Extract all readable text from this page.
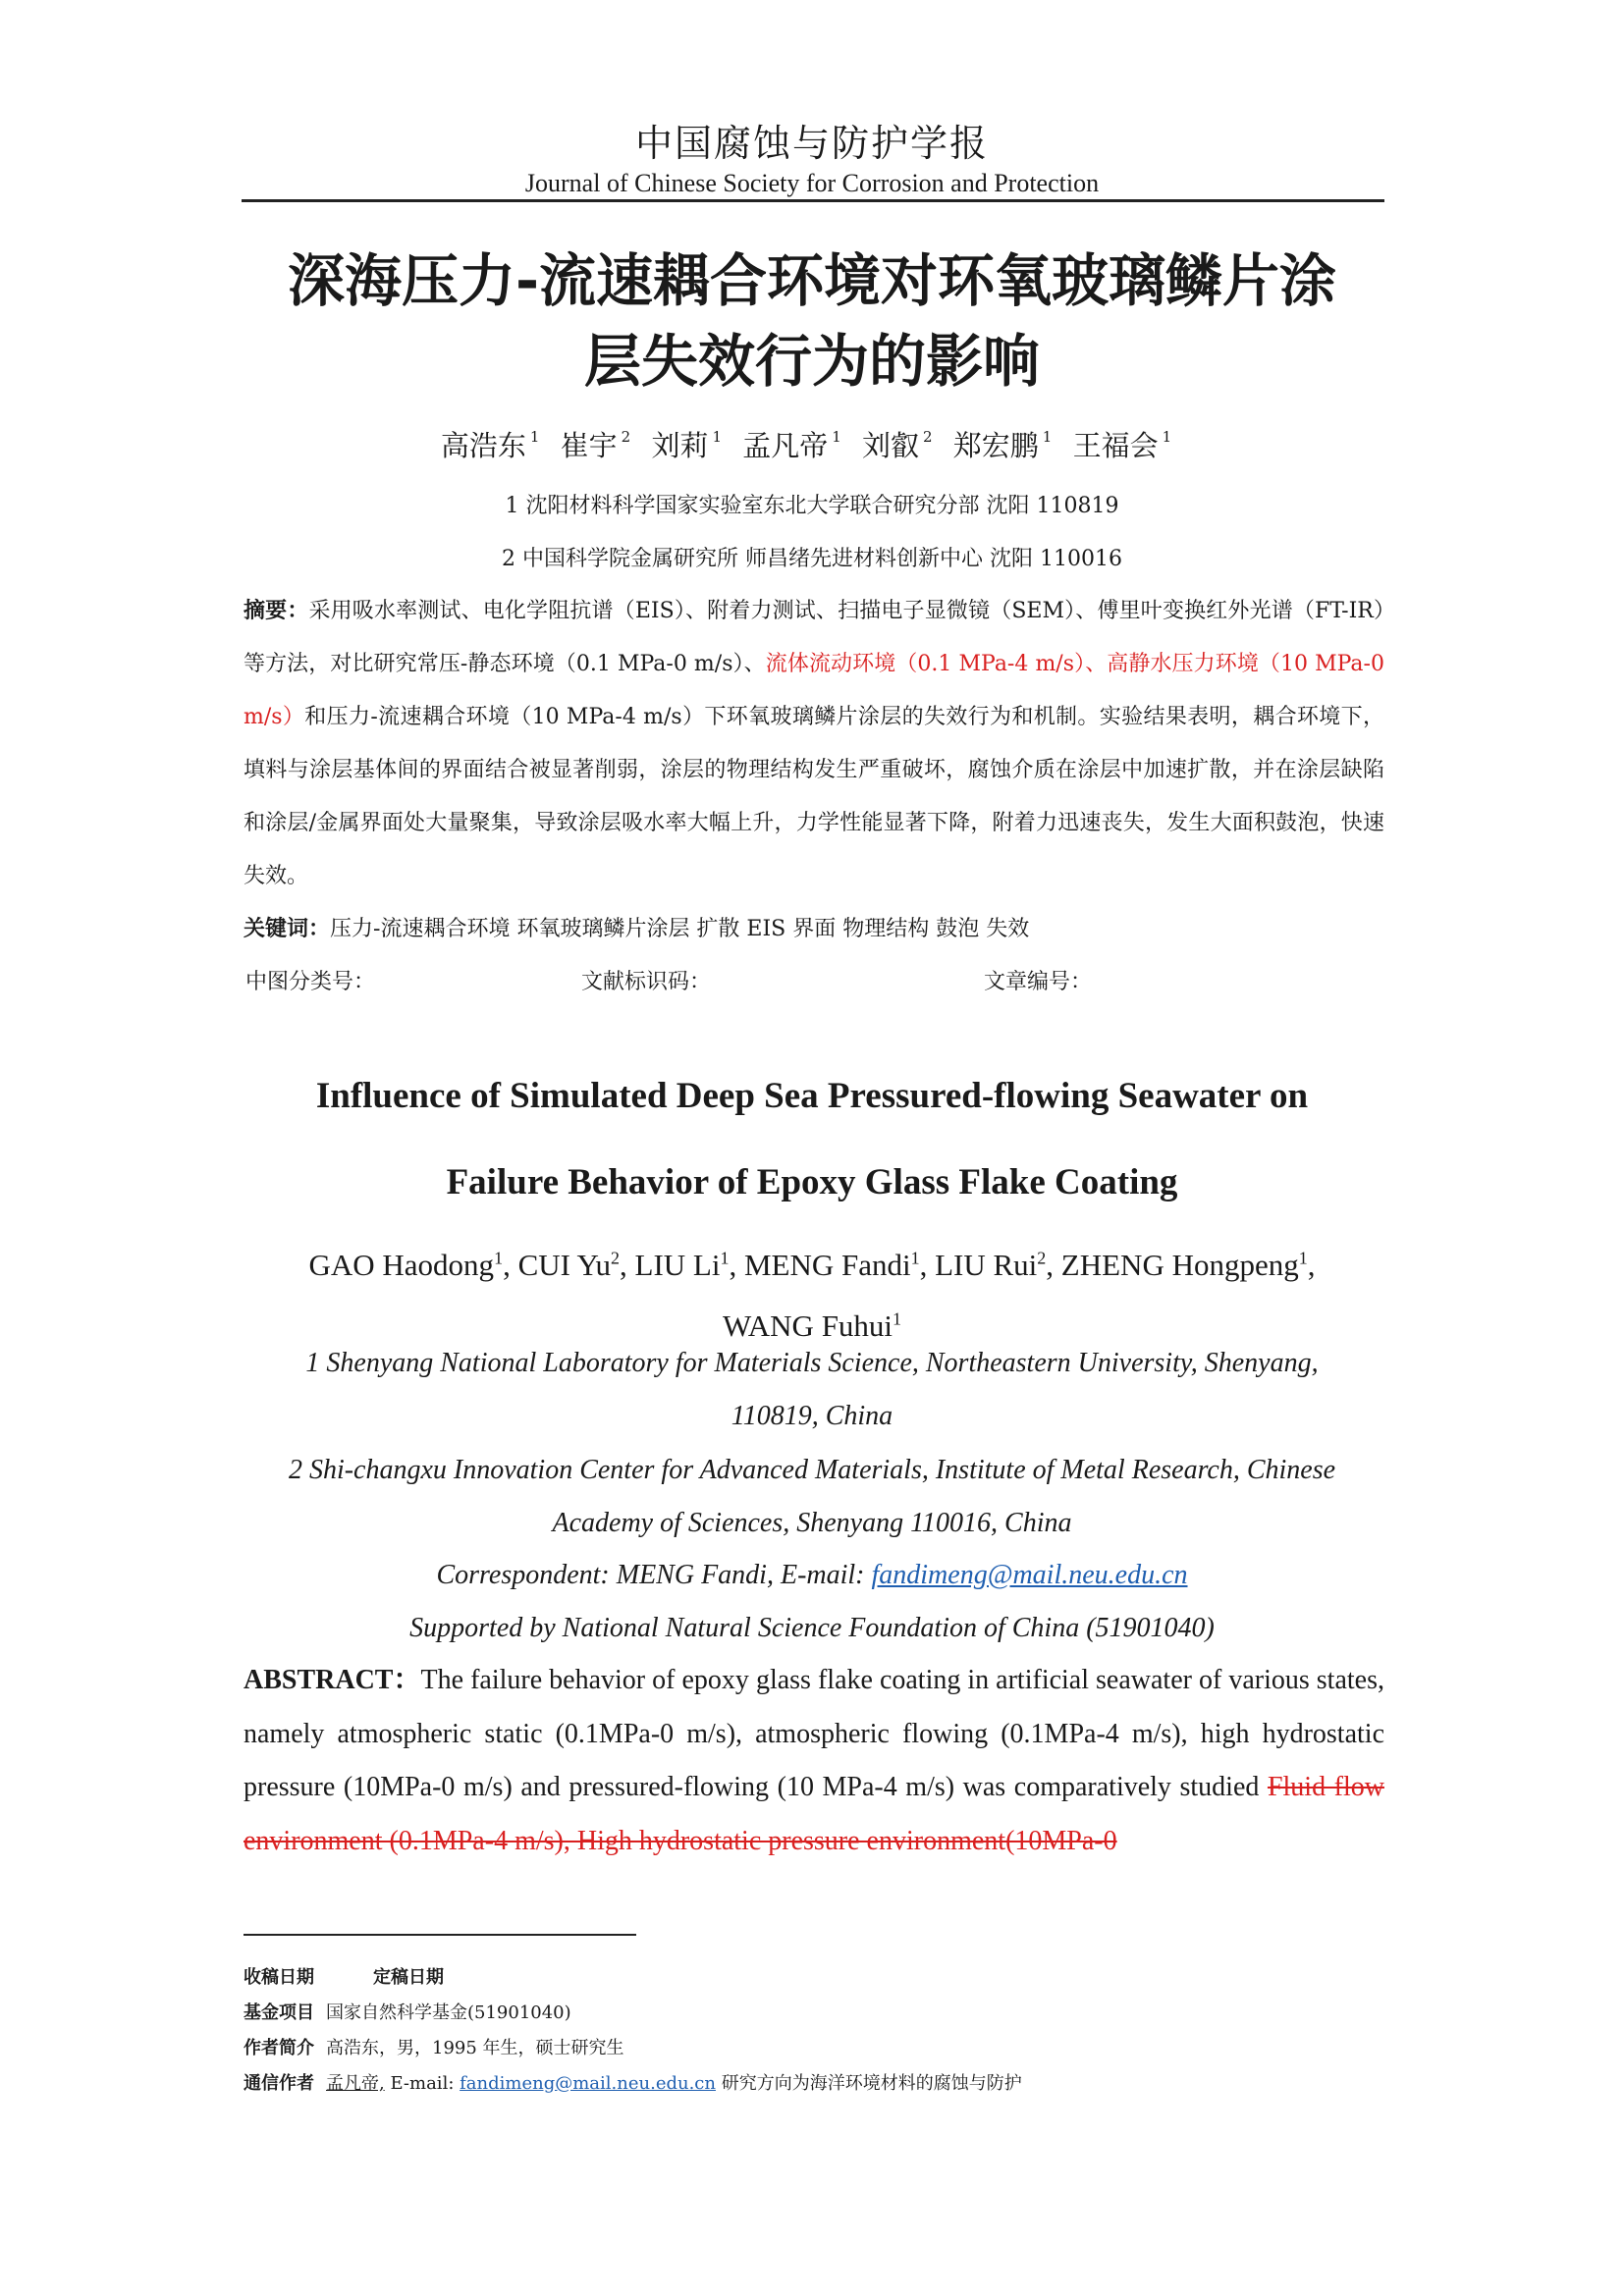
中国腐蚀与防护学报
Journal of Chinese Society for Corrosion and Protection
深海压力-流速耦合环境对环氧玻璃鳞片涂
层失效行为的影响
高浩东 $^1$ 崔宇 $^2$ 刘莉 $^1$ 孟凡帝 $^1$ 刘叡 $^2$ 郑宏鹏 $^1$ 王福会 $^1$
1 沈阳材料科学国家实验室东北大学联合研究分部 沈阳 110819
2 中国科学院金属研究所 师昌绪先进材料创新中心 沈阳 110016

摘要：采用吸水率测试、电化学阻抗谱（EIS）、附着力测试、扫描电子显微镜（SEM）、傅里叶变换红外光谱（FT-IR）等方法，对比研究常压-静态环境（0.1 MPa-0 m/s）、流体流动环境（0.1 MPa-4 m/s）、高静水压力环境（10 MPa-0 m/s）和压力-流速耦合环境（10 MPa-4 m/s）下环氧玻璃鳞片涂层的失效行为和机制。实验结果表明，耦合环境下，填料与涂层基体间的界面结合被显著削弱，涂层的物理结构发生严重破坏，腐蚀介质在涂层中加速扩散，并在涂层缺陷和涂层/金属界面处大量聚集，导致涂层吸水率大幅上升，力学性能显著下降，附着力迅速丧失，发生大面积鼓泡，快速失效。

关键词：压力-流速耦合环境 环氧玻璃鳞片涂层 扩散 EIS 界面 物理结构 鼓泡 失效

中图分类号：	文献标识码：	文章编号：
Influence of Simulated Deep Sea Pressured-flowing Seawater on
Failure Behavior of Epoxy Glass Flake Coating
GAO Haodong$^1$, CUI Yu$^2$, LIU Li$^1$, MENG Fandi$^1$, LIU Rui$^2$, ZHENG Hongpeng$^1$,
WANG Fuhui$^1$
1 Shenyang National Laboratory for Materials Science, Northeastern University, Shenyang,
110819, China
2 Shi-changxu Innovation Center for Advanced Materials, Institute of Metal Research, Chinese
Academy of Sciences, Shenyang 110016, China
Correspondent: MENG Fandi, E-mail: fandimeng@mail.neu.edu.cn
Supported by National Natural Science Foundation of China (51901040)
ABSTRACT：The failure behavior of epoxy glass flake coating in artificial seawater of various states, namely atmospheric static (0.1MPa-0 m/s), atmospheric flowing (0.1MPa-4 m/s), high hydrostatic pressure (10MPa-0 m/s) and pressured-flowing (10 MPa-4 m/s) was comparatively studied Fluid flow environment (0.1MPa-4 m/s), High hydrostatic pressure environment(10MPa-0
收稿日期	定稿日期
基金项目 国家自然科学基金(51901040)
作者简介 高浩东，男，1995 年生，硕士研究生
通信作者 孟凡帝, E-mail: fandimeng@mail.neu.edu.cn 研究方向为海洋环境材料的腐蚀与防护
